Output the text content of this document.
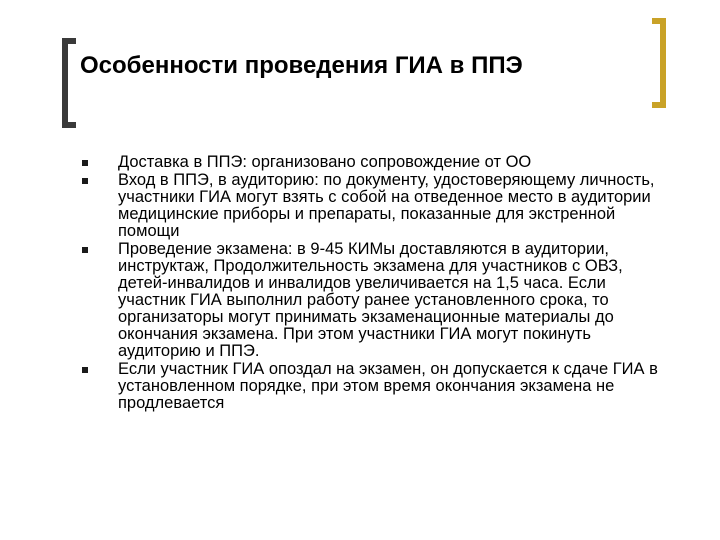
Особенности проведения ГИА в ППЭ
Доставка в ППЭ: организовано сопровождение от ОО
Вход в ППЭ, в аудиторию: по документу, удостоверяющему личность, участники ГИА могут взять с собой на отведенное место в аудитории медицинские приборы и препараты, показанные для экстренной помощи
Проведение экзамена: в 9-45 КИМы доставляются в аудитории, инструктаж, Продолжительность экзамена для участников с ОВЗ, детей-инвалидов и инвалидов увеличивается на 1,5 часа. Если участник ГИА выполнил работу ранее установленного срока, то организаторы могут принимать экзаменационные материалы до окончания экзамена. При этом участники ГИА могут покинуть аудиторию и ППЭ.
Если участник ГИА опоздал на экзамен, он допускается к сдаче ГИА в установленном порядке, при этом время окончания экзамена не продлевается
